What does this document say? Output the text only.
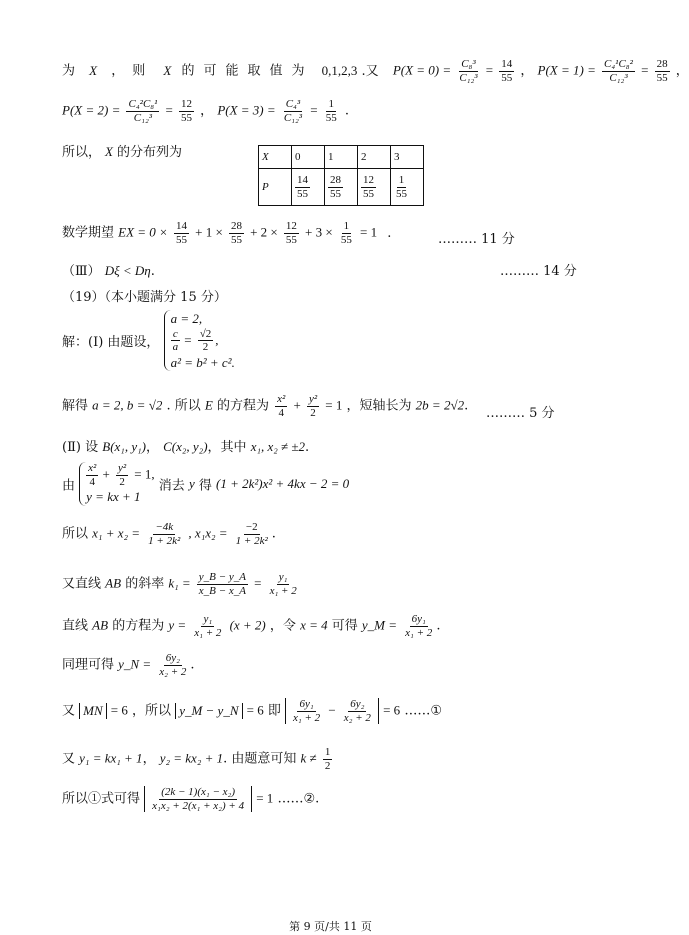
为 X ，则 X 的可能取值为 0,1,2,3 .又 $P(X = 0) = \frac{\text{C₈³}}{\text{C₁₂³}} = \frac{14}{55}$ ， $P(X = 1) = \frac{\text{C₄¹C₈²}}{\text{C₁₂³}} = \frac{28}{55}$ ，
$P(X = 2) = \frac{\text{C₄²C₈¹}}{\text{C₁₂³}} = \frac{12}{55}$ ， $P(X = 3) = \frac{\text{C₄³}}{\text{C₁₂³}} = \frac{1}{55}$ .
所以， X 的分布列为	X	0	1	2	3
P	$\frac{14}{55}$	$\frac{28}{55}$	$\frac{12}{55}$	$\frac{1}{55}$
数学期望 EX = $0 \times \frac{14}{55} + 1 \times \frac{28}{55} + 2 \times \frac{12}{55} + 3 \times \frac{1}{55} = 1$ .	……… 11 分
（Ⅲ） Dξ < Dη.	……… 14 分
（19）（本小题满分 15 分）
解：(Ⅰ) 由题设，
a = 2,
$\frac{c}{a} = \frac{√2}{2}$ ,
a² = b² + c².
解得 a = 2, b = √2 . 所以 E 的方程为 $\frac{\text{x²}}{4} + \frac{\text{y²}}{2} = 1$ ，短轴长为 2b = 2√2. ……… 5 分
(Ⅱ) 设 B(x₁, y₁)， C(x₂, y₂)，其中 x₁, x₂ ≠ ±2.
由 $\frac{\text{x²}}{4} + \frac{\text{y²}}{2} = 1$,
y = kx + 1
消去 y 得 (1 + 2k²)x² + 4kx − 2 = 0
所以 $x_1 + x_2 = \frac{-4k}{\text{1 + 2k²}}$ , $x_1x_2 = \frac{-2}{\text{1 + 2k²}}$ .
又直线 AB 的斜率 $k_1 = \frac{y\_B - y\_A}{x\_B - x\_A} = \frac{\text{y₁}}{\text{x₁ + 2}}$
直线 AB 的方程为 $y = \frac{\text{y₁}}{\text{x₁ + 2}} (x + 2)$ ，令 x = 4 可得 y_M = $\frac{\text{6y₁}}{\text{x₁ + 2}}$ .
同理可得 y_N = $\frac{\text{6y₂}}{\text{x₂ + 2}}$ .
又 MN = 6 ，所以 y_M − y_N = 6 即 $\frac{\text{6y₁}}{\text{x₁ + 2}} - \frac{\text{6y₂}}{\text{x₂ + 2}} = 6$ ……①
又 y₁ = kx₁ + 1， y₂ = kx₂ + 1. 由题意可知 $k \ne \frac{1}{2}$
所以①式可得 $\frac{\text{(2k − 1)(x₁ − x₂)}}{\text{x₁x₂ + 2(x₁ + x₂) + 4}} = 1$ ……②.
第 9 页/共 11 页
